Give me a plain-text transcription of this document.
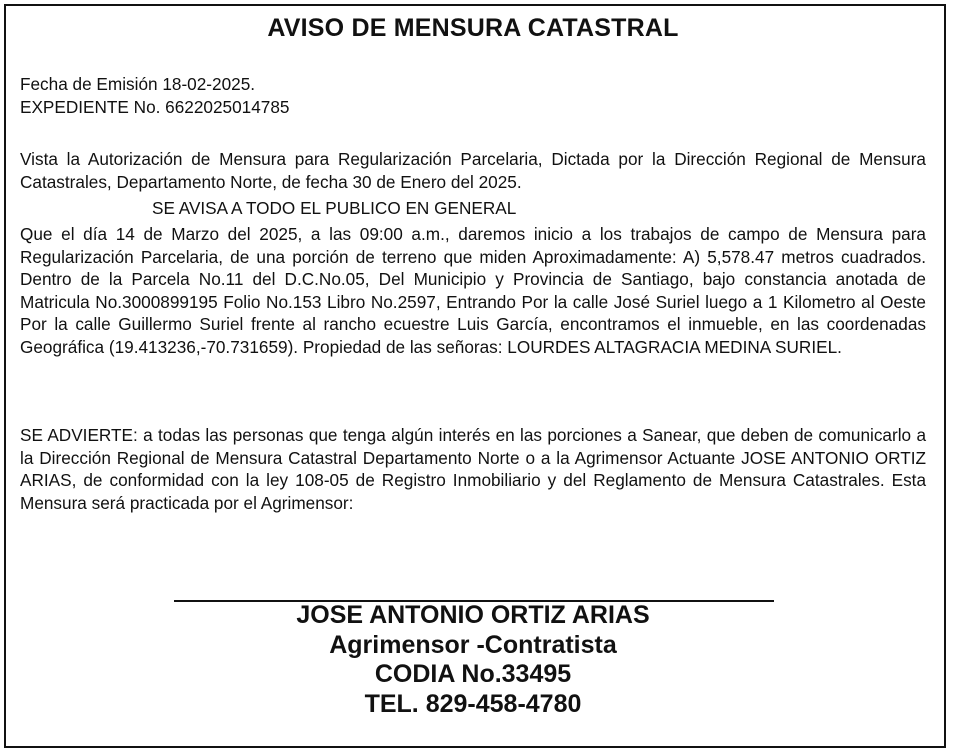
AVISO DE MENSURA CATASTRAL
Fecha de Emisión 18-02-2025.
EXPEDIENTE No. 6622025014785

Vista la Autorización de Mensura para Regularización Parcelaria, Dictada por la Dirección Regional de Mensura Catastrales, Departamento Norte, de fecha 30 de Enero del 2025.

SE AVISA A TODO EL PUBLICO EN GENERAL

Que el día 14 de Marzo del 2025, a las 09:00 a.m., daremos inicio a los trabajos de campo de Mensura para Regularización Parcelaria, de una porción de terreno que miden Aproximadamente: A) 5,578.47 metros cuadrados. Dentro de la Parcela No.11 del D.C.No.05, Del Municipio y Provincia de Santiago, bajo constancia anotada de Matricula No.3000899195 Folio No.153 Libro No.2597, Entrando Por la calle José Suriel luego a 1 Kilometro al Oeste Por la calle Guillermo Suriel frente al rancho ecuestre Luis García, encontramos el inmueble, en las coordenadas Geográfica (19.413236,-70.731659). Propiedad de las señoras: LOURDES ALTAGRACIA MEDINA SURIEL.

SE ADVIERTE: a todas las personas que tenga algún interés en las porciones a Sanear, que deben de comunicarlo a la Dirección Regional de Mensura Catastral Departamento Norte o a la Agrimensor Actuante JOSE ANTONIO ORTIZ ARIAS, de conformidad con la ley 108-05 de Registro Inmobiliario y del Reglamento de Mensura Catastrales. Esta Mensura será practicada por el Agrimensor:

JOSE ANTONIO ORTIZ ARIAS
Agrimensor -Contratista
CODIA No.33495
TEL. 829-458-4780
